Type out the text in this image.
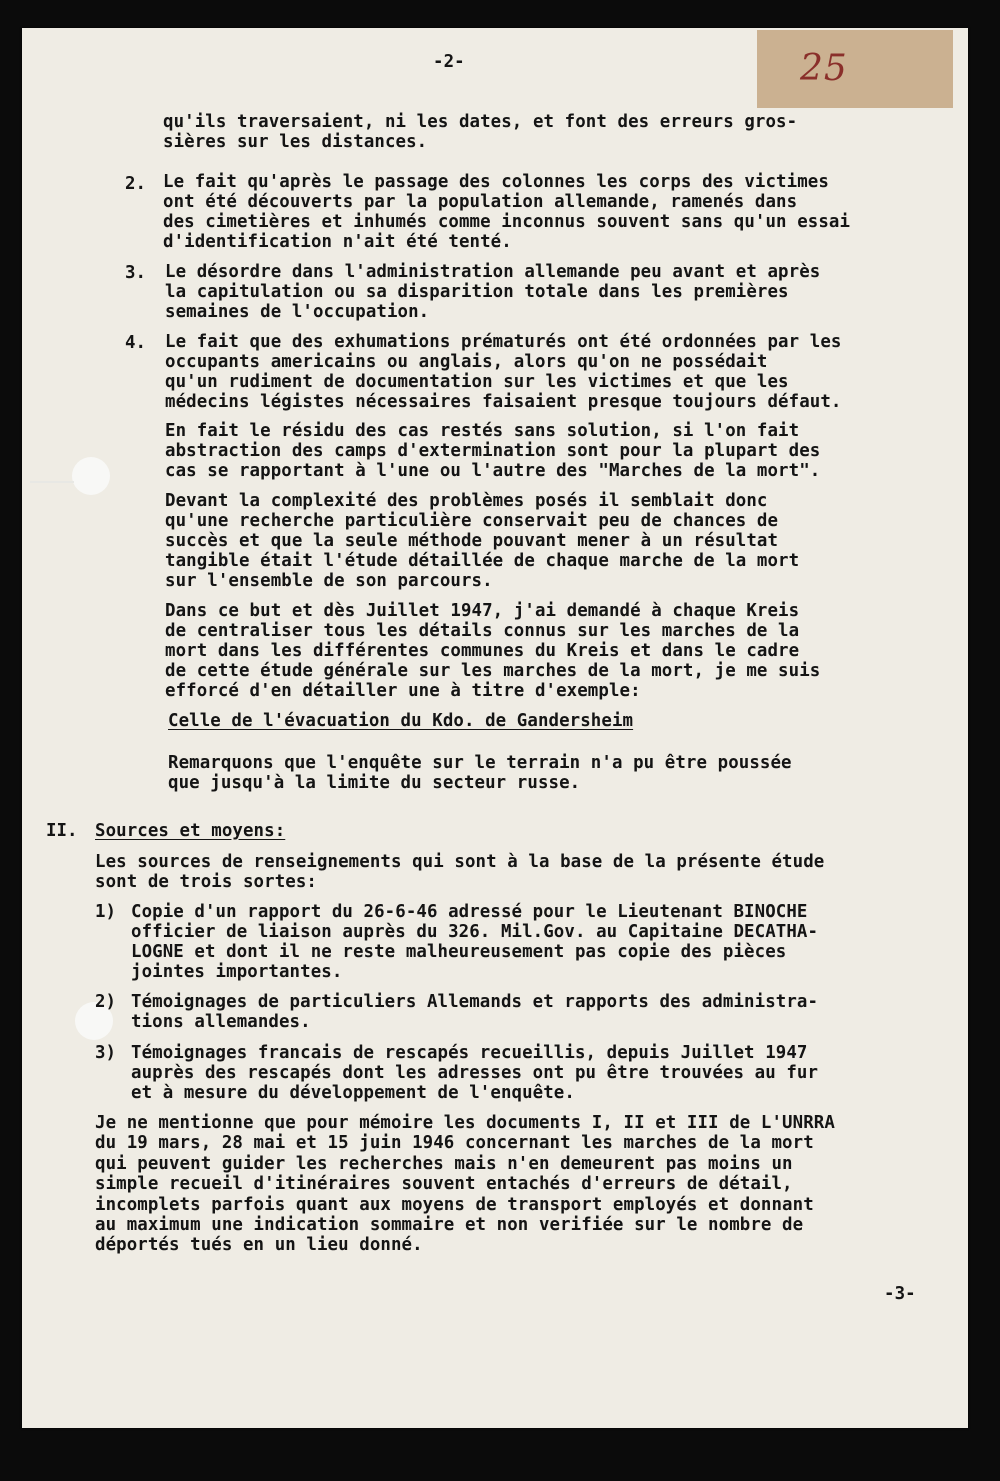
25
-2-
qu'ils traversaient, ni les dates, et font des erreurs gros-
sières sur les distances.
2. Le fait qu'après le passage des colonnes les corps des victimes
ont été découverts par la population allemande, ramenés dans
des cimetières et inhumés comme inconnus souvent sans qu'un essai
d'identification n'ait été tenté.
3. Le désordre dans l'administration allemande peu avant et après
la capitulation ou sa disparition totale dans les premières
semaines de l'occupation.
4. Le fait que des exhumations prématurés ont été ordonnées par les
occupants americains ou anglais, alors qu'on ne possédait
qu'un rudiment de documentation sur les victimes et que les
médecins légistes nécessaires faisaient presque toujours défaut.
En fait le résidu des cas restés sans solution, si l'on fait
abstraction des camps d'extermination sont pour la plupart des
cas se rapportant à l'une ou l'autre des "Marches de la mort".
Devant la complexité des problèmes posés il semblait donc
qu'une recherche particulière conservait peu de chances de
succès et que la seule méthode pouvant mener à un résultat
tangible était l'étude détaillée de chaque marche de la mort
sur l'ensemble de son parcours.
Dans ce but et dès Juillet 1947, j'ai demandé à chaque Kreis
de centraliser tous les détails connus sur les marches de la
mort dans les différentes communes du Kreis et dans le cadre
de cette étude générale sur les marches de la mort, je me suis
efforcé d'en détailler une à titre d'exemple:
Celle de l'évacuation du Kdo. de Gandersheim
Remarquons que l'enquête sur le terrain n'a pu être poussée
que jusqu'à la limite du secteur russe.
II. Sources et moyens:
Les sources de renseignements qui sont à la base de la présente étude
sont de trois sortes:
1) Copie d'un rapport du 26-6-46 adressé pour le Lieutenant BINOCHE
officier de liaison auprès du 326. Mil.Gov. au Capitaine DECATHA-
LOGNE et dont il ne reste malheureusement pas copie des pièces
jointes importantes.
2) Témoignages de particuliers Allemands et rapports des administra-
tions allemandes.
3) Témoignages francais de rescapés recueillis, depuis Juillet 1947
auprès des rescapés dont les adresses ont pu être trouvées au fur
et à mesure du développement de l'enquête.
Je ne mentionne que pour mémoire les documents I, II et III de L'UNRRA
du 19 mars, 28 mai et 15 juin 1946 concernant les marches de la mort
qui peuvent guider les recherches mais n'en demeurent pas moins un
simple recueil d'itinéraires souvent entachés d'erreurs de détail,
incomplets parfois quant aux moyens de transport employés et donnant
au maximum une indication sommaire et non verifiée sur le nombre de
déportés tués en un lieu donné.
-3-
